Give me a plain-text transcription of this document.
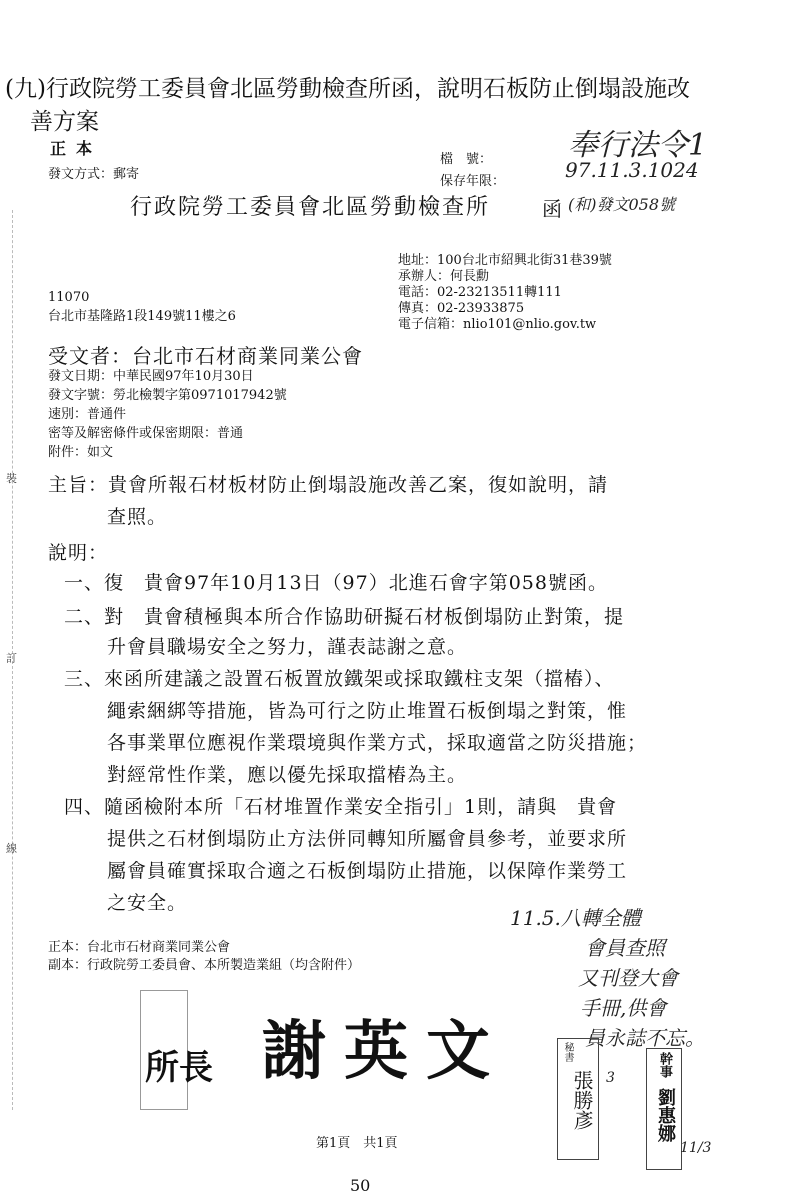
裝
訂
線
(九)行政院勞工委員會北區勞動檢查所函，說明石板防止倒塌設施改
善方案
正本
發文方式：郵寄
檔　號：
保存年限：
奉行法令1
97.11.3.1024
行政院勞工委員會北區勞動檢查所	函 (和)發文058號
地址：100台北市紹興北街31巷39號
承辦人：何長勳
電話：02-23213511轉111
傳真：02-23933875
電子信箱：nlio101@nlio.gov.tw
11070
台北市基隆路1段149號11樓之6
受文者：台北市石材商業同業公會
發文日期：中華民國97年10月30日
發文字號：勞北檢製字第0971017942號
速別：普通件
密等及解密條件或保密期限：普通
附件：如文
主旨：貴會所報石材板材防止倒塌設施改善乙案，復如說明，請
查照。
說明：
一、復　貴會97年10月13日（97）北進石會字第058號函。
二、對　貴會積極與本所合作協助研擬石材板倒塌防止對策，提
升會員職場安全之努力，謹表誌謝之意。
三、來函所建議之設置石板置放鐵架或採取鐵柱支架（擋樁）、
繩索綑綁等措施，皆為可行之防止堆置石板倒塌之對策，惟
各事業單位應視作業環境與作業方式，採取適當之防災措施；
對經常性作業，應以優先採取擋樁為主。
四、隨函檢附本所「石材堆置作業安全指引」1則，請與　貴會
提供之石材倒塌防止方法併同轉知所屬會員參考，並要求所
屬會員確實採取合適之石板倒塌防止措施，以保障作業勞工
之安全。
11.5.八轉全體
會員查照
又刊登大會
手冊,供會
員永誌不忘。
正本：台北市石材商業同業公會
副本：行政院勞工委員會、本所製造業組（均含附件）
所長 謝英文	秘書
張勝彥 3	幹事
劉惠娜
11/3
第1頁　共1頁
50
